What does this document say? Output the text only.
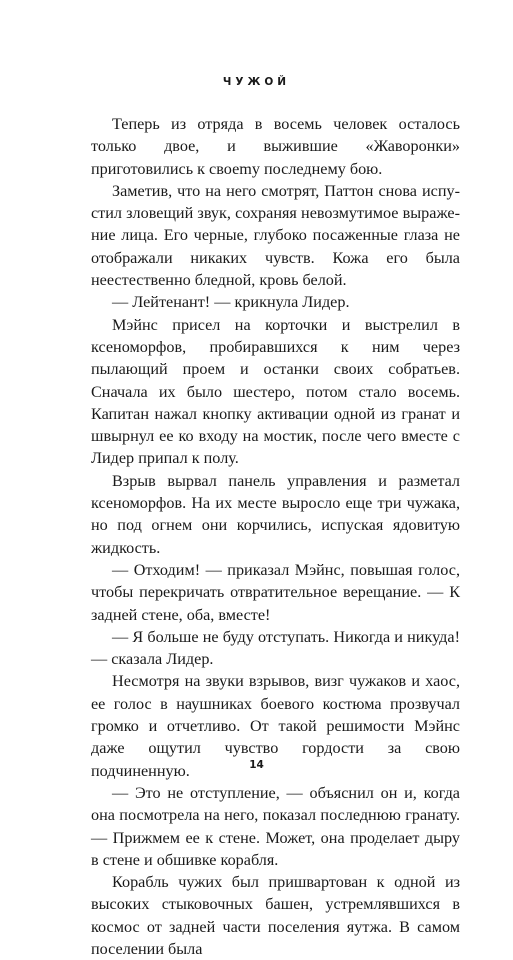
ЧУЖОЙ

Теперь из отряда в восемь человек осталось только двое, и выжившие «Жаворонки» приготовились к своеmу последнему бою.

Заметив, что на него смотрят, Паттон снова испустил зловещий звук, сохраняя невозмутимое выражение лица. Его черные, глубоко посаженные глаза не отображали никаких чувств. Кожа его была неестественно бледной, кровь белой.

— Лейтенант! — крикнула Лидер.

Мэйнс присел на корточки и выстрелил в ксеноморфов, пробиравшихся к ним через пылающий проем и останки своих собратьев. Сначала их было шестеро, потом стало восемь. Капитан нажал кнопку активации одной из гранат и швырнул ее ко входу на мостик, после чего вместе с Лидер припал к полу.

Взрыв вырвал панель управления и разметал ксеноморфов. На их месте выросло еще три чужака, но под огнем они корчились, испуская ядовитую жидкость.

— Отходим! — приказал Мэйнс, повышая голос, чтобы перекричать отвратительное верещание. — К задней стене, оба, вместе!

— Я больше не буду отступать. Никогда и никуда! — сказала Лидер.

Несмотря на звуки взрывов, визг чужаков и хаос, ее голос в наушниках боевого костюма прозвучал громко и отчетливо. От такой решимости Мэйнс даже ощутил чувство гордости за свою подчиненную.

— Это не отступление, — объяснил он и, когда она посмотрела на него, показал последнюю гранату. — Прижмем ее к стене. Может, она проделает дыру в стене и обшивке корабля.

Корабль чужих был пришвартован к одной из высоких стыковочных башен, устремлявшихся в космос от задней части поселения яутжа. В самом поселении была

14
